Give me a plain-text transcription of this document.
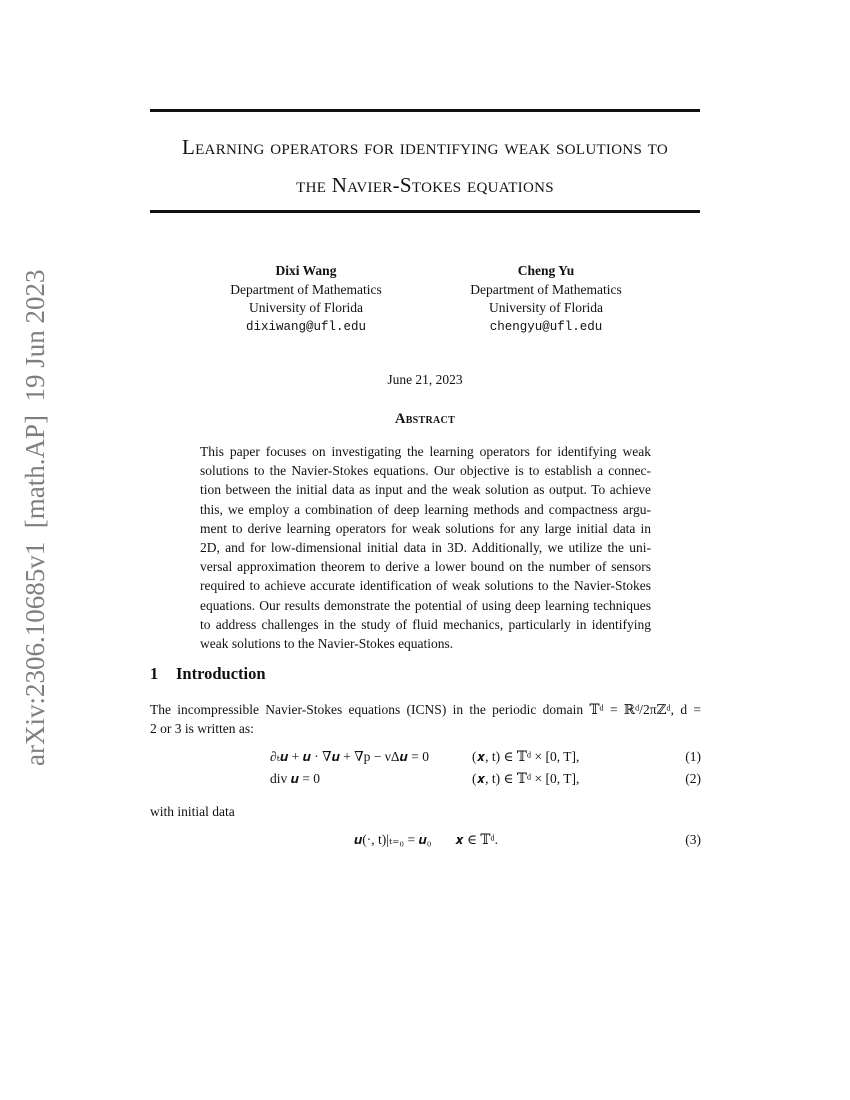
arXiv:2306.10685v1  [math.AP]  19 Jun 2023
Learning operators for identifying weak solutions to
the Navier-Stokes equations
Dixi Wang
Department of Mathematics
University of Florida
dixiwang@ufl.edu
Cheng Yu
Department of Mathematics
University of Florida
chengyu@ufl.edu
June 21, 2023
Abstract
This paper focuses on investigating the learning operators for identifying weak
solutions to the Navier-Stokes equations. Our objective is to establish a connec-
tion between the initial data as input and the weak solution as output. To achieve
this, we employ a combination of deep learning methods and compactness argu-
ment to derive learning operators for weak solutions for any large initial data in
2D, and for low-dimensional initial data in 3D. Additionally, we utilize the uni-
versal approximation theorem to derive a lower bound on the number of sensors
required to achieve accurate identification of weak solutions to the Navier-Stokes
equations. Our results demonstrate the potential of using deep learning techniques
to address challenges in the study of fluid mechanics, particularly in identifying
weak solutions to the Navier-Stokes equations.
1 Introduction
The incompressible Navier-Stokes equations (ICNS) in the periodic domain 𝕋ᵈ = ℝᵈ/2πℤᵈ, d =
2 or 3 is written as:
∂ₜ𝒖 + 𝒖 · ∇𝒖 + ∇p − νΔ𝒖 = 0	(𝒙, t) ∈ 𝕋ᵈ × [0, T],	(1)
div 𝒖 = 0	(𝒙, t) ∈ 𝕋ᵈ × [0, T],	(2)
with initial data
𝒖(·, t)|ₜ₌₀ = 𝒖₀ 𝒙 ∈ 𝕋ᵈ.	(3)
